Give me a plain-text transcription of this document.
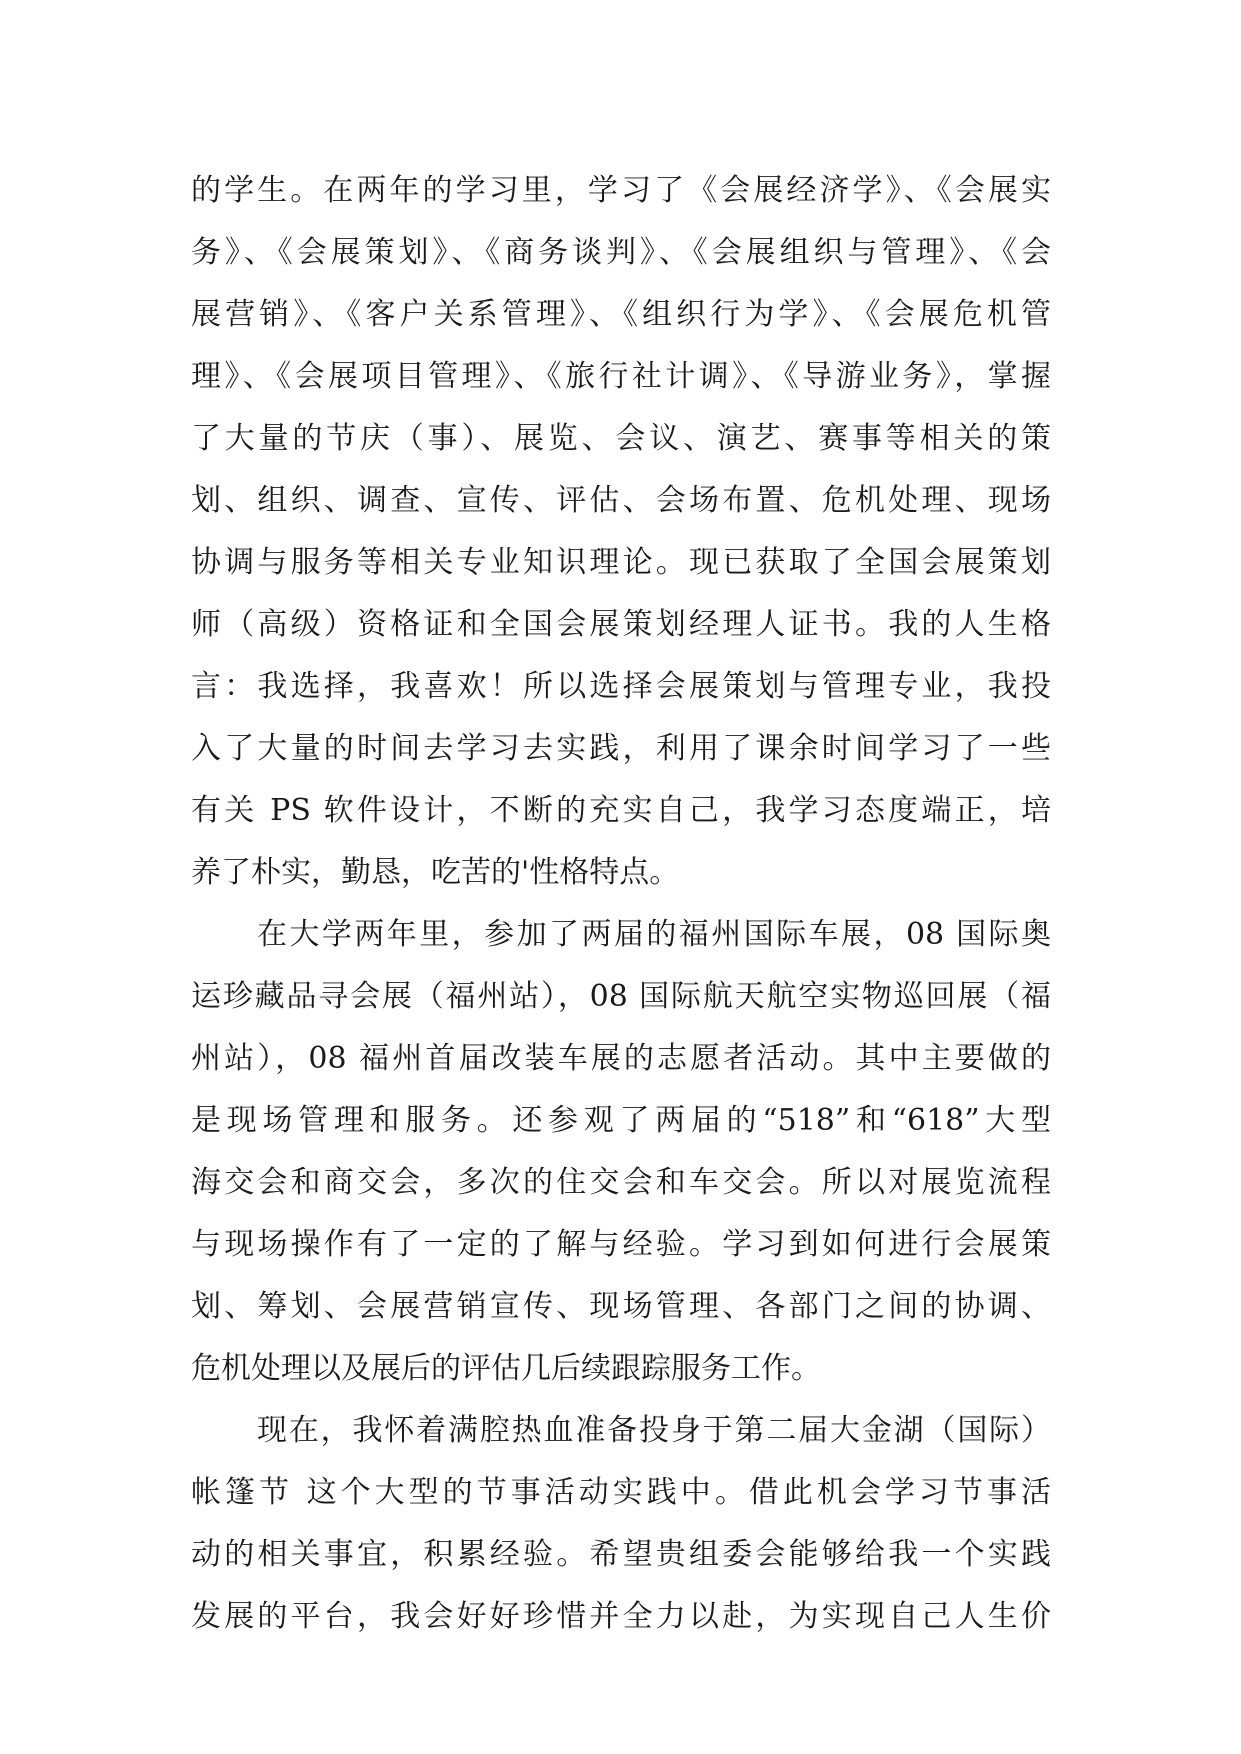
的学生。在两年的学习里，学习了《会展经济学》、《会展实
务》、《会展策划》、《商务谈判》、《会展组织与管理》、《会
展营销》、《客户关系管理》、《组织行为学》、《会展危机管
理》、《会展项目管理》、《旅行社计调》、《导游业务》，掌握
了大量的节庆（事）、展览、会议、演艺、赛事等相关的策
划、组织、调查、宣传、评估、会场布置、危机处理、现场
协调与服务等相关专业知识理论。现已获取了全国会展策划
师（高级）资格证和全国会展策划经理人证书。我的人生格
言：我选择，我喜欢！所以选择会展策划与管理专业，我投
入了大量的时间去学习去实践，利用了课余时间学习了一些
有关 PS 软件设计，不断的充实自己，我学习态度端正，培
养了朴实，勤恳，吃苦的'性格特点。
在大学两年里，参加了两届的福州国际车展，08 国际奥
运珍藏品寻会展（福州站），08 国际航天航空实物巡回展（福
州站），08 福州首届改装车展的志愿者活动。其中主要做的
是现场管理和服务。还参观了两届的“518”和“618”大型
海交会和商交会，多次的住交会和车交会。所以对展览流程
与现场操作有了一定的了解与经验。学习到如何进行会展策
划、筹划、会展营销宣传、现场管理、各部门之间的协调、
危机处理以及展后的评估几后续跟踪服务工作。
现在，我怀着满腔热血准备投身于第二届大金湖（国际）
帐篷节 这个大型的节事活动实践中。借此机会学习节事活
动的相关事宜，积累经验。希望贵组委会能够给我一个实践
发展的平台，我会好好珍惜并全力以赴，为实现自己人生价
